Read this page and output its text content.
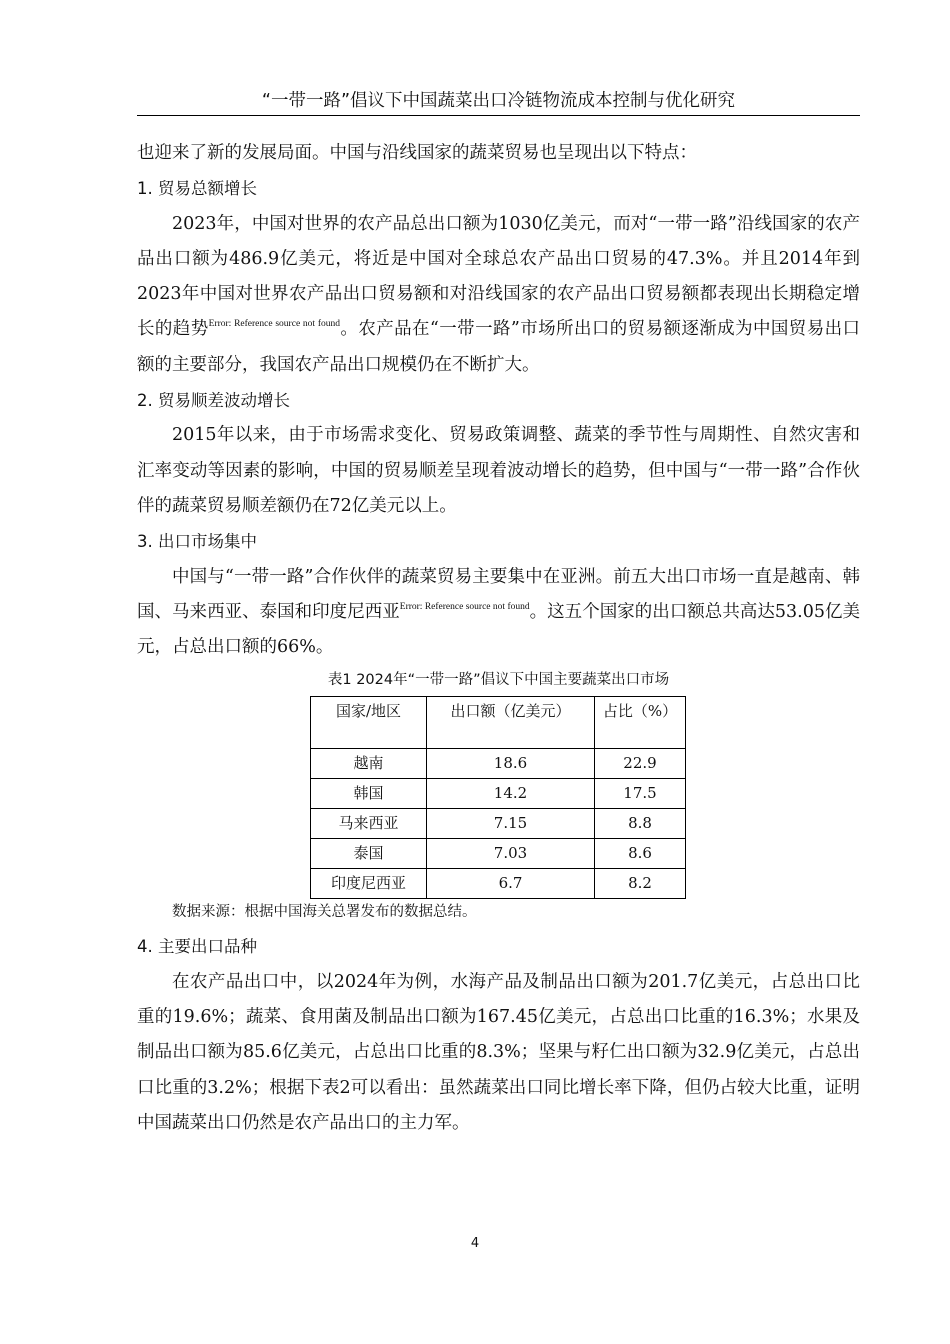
“一带一路”倡议下中国蔬菜出口冷链物流成本控制与优化研究

也迎来了新的发展局面。中国与沿线国家的蔬菜贸易也呈现出以下特点：

1. 贸易总额增长

2023年，中国对世界的农产品总出口额为1030亿美元，而对“一带一路”沿线国家的农产品出口额为486.9亿美元，将近是中国对全球总农产品出口贸易的47.3%。并且2014年到2023年中国对世界农产品出口贸易额和对沿线国家的农产品出口贸易额都表现出长期稳定增长的趋势$^{Error: Reference source not found}$。农产品在“一带一路”市场所出口的贸易额逐渐成为中国贸易出口额的主要部分，我国农产品出口规模仍在不断扩大。

2. 贸易顺差波动增长

2015年以来，由于市场需求变化、贸易政策调整、蔬菜的季节性与周期性、自然灾害和汇率变动等因素的影响，中国的贸易顺差呈现着波动增长的趋势，但中国与“一带一路”合作伙伴的蔬菜贸易顺差额仍在72亿美元以上。

3. 出口市场集中

中国与“一带一路”合作伙伴的蔬菜贸易主要集中在亚洲。前五大出口市场一直是越南、韩国、马来西亚、泰国和印度尼西亚$^{Error: Reference source not found}$。这五个国家的出口额总共高达53.05亿美元，占总出口额的66%。

表1 2024年“一带一路”倡议下中国主要蔬菜出口市场
国家/地区	出口额（亿美元）	占比（%）
越南	18.6	22.9
韩国	14.2	17.5
马来西亚	7.15	8.8
泰国	7.03	8.6
印度尼西亚	6.7	8.2
数据来源：根据中国海关总署发布的数据总结。

4. 主要出口品种

在农产品出口中，以2024年为例，水海产品及制品出口额为201.7亿美元，占总出口比重的19.6%；蔬菜、食用菌及制品出口额为167.45亿美元，占总出口比重的16.3%；水果及制品出口额为85.6亿美元，占总出口比重的8.3%；坚果与籽仁出口额为32.9亿美元，占总出口比重的3.2%；根据下表2可以看出：虽然蔬菜出口同比增长率下降，但仍占较大比重，证明中国蔬菜出口仍然是农产品出口的主力军。

4
